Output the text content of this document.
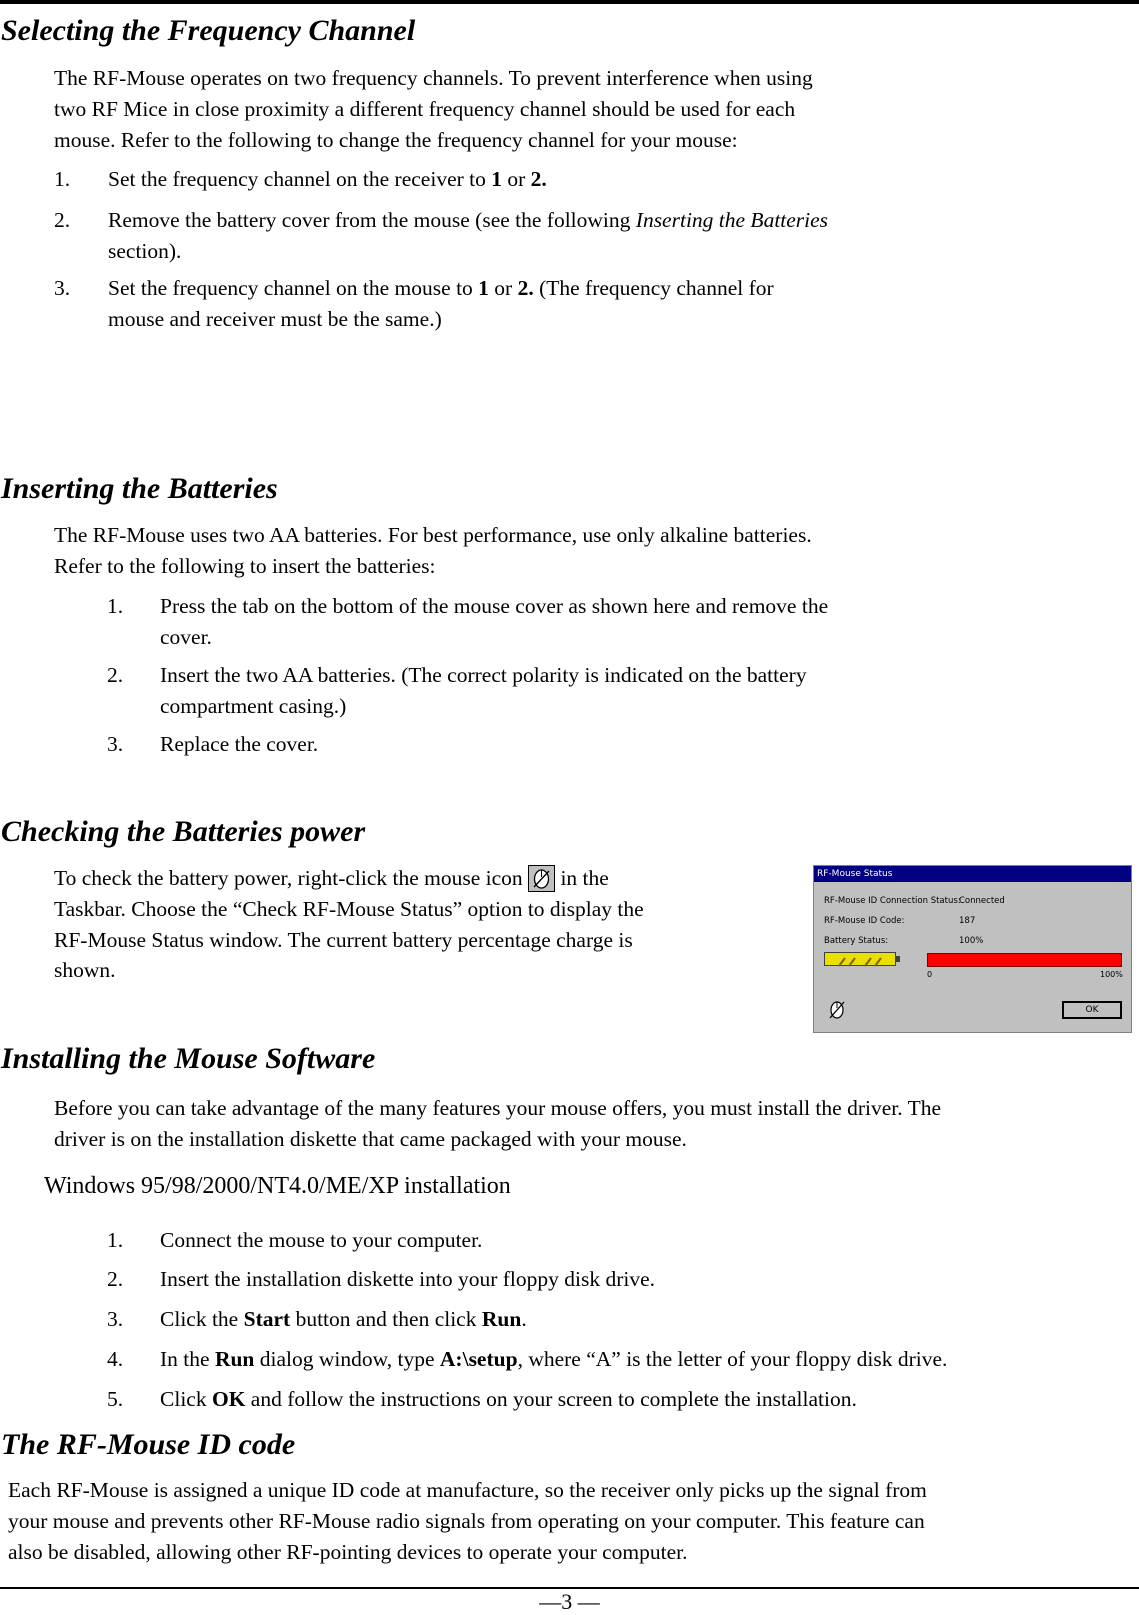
Selecting the Frequency Channel

The RF-Mouse operates on two frequency channels. To prevent interference when using

two RF Mice in close proximity a different frequency channel should be used for each

mouse. Refer to the following to change the frequency channel for your mouse:

1.	Set the frequency channel on the receiver to 1 or 2.
2.	Remove the battery cover from the mouse (see the following Inserting the Batteries
section).
3.	Set the frequency channel on the mouse to 1 or 2. (The frequency channel for
mouse and receiver must be the same.)
Inserting the Batteries

The RF-Mouse uses two AA batteries. For best performance, use only alkaline batteries.

Refer to the following to insert the batteries:

1.	Press the tab on the bottom of the mouse cover as shown here and remove the
cover.
2.	Insert the two AA batteries. (The correct polarity is indicated on the battery
compartment casing.)
3.	Replace the cover.
Checking the Batteries power

To check the battery power, right-click the mouse icon  in the

Taskbar. Choose the “Check RF-Mouse Status” option to display the

RF-Mouse Status window. The current battery percentage charge is

shown.

RF-Mouse Status
RF-Mouse ID Connection Status:
Connected
RF-Mouse ID Code:	187
Battery Status:	100%
0	100%
OK
Installing the Mouse Software

Before you can take advantage of the many features your mouse offers, you must install the driver. The

driver is on the installation diskette that came packaged with your mouse.

Windows 95/98/2000/NT4.0/ME/XP installation
1.	Connect the mouse to your computer.
2.	Insert the installation diskette into your floppy disk drive.
3.	Click the Start button and then click Run.
4.	In the Run dialog window, type A:\setup, where “A” is the letter of your floppy disk drive.
5.	Click OK and follow the instructions on your screen to complete the installation.
The RF-Mouse ID code

Each RF-Mouse is assigned a unique ID code at manufacture, so the receiver only picks up the signal from

your mouse and prevents other RF-Mouse radio signals from operating on your computer. This feature can

also be disabled, allowing other RF-pointing devices to operate your computer.

—3 —
